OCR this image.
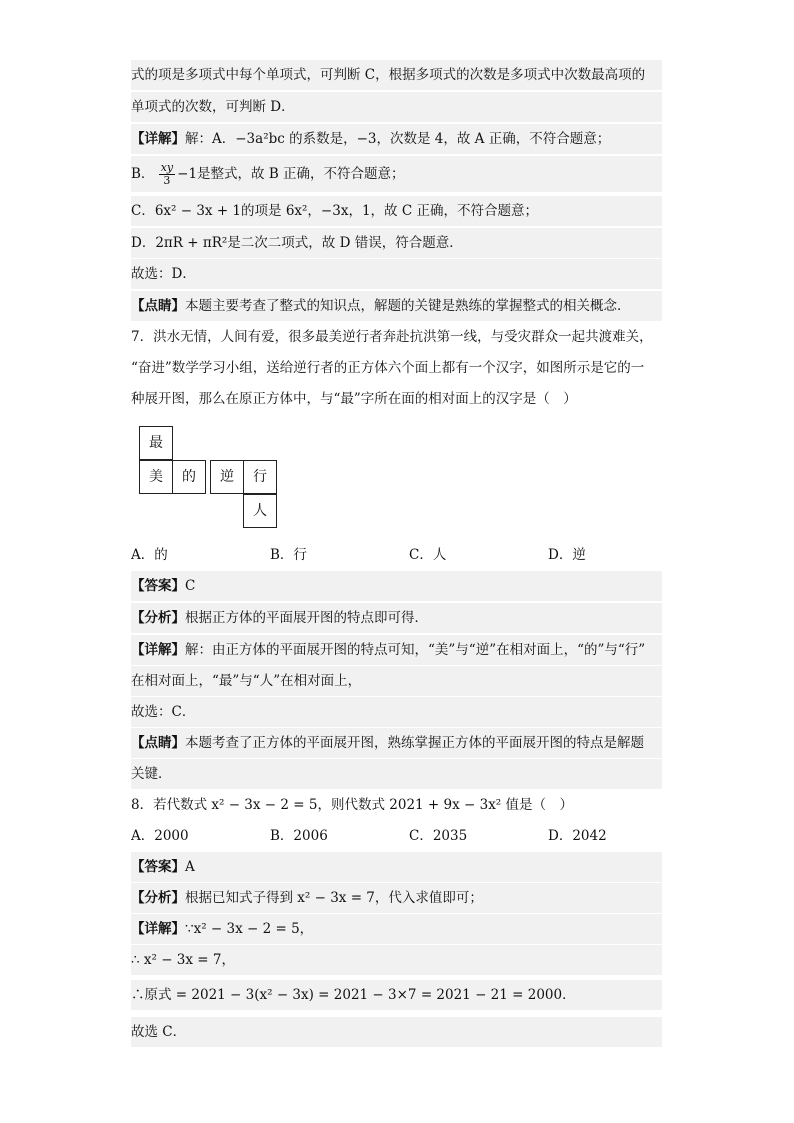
式的项是多项式中每个单项式，可判断 C，根据多项式的次数是多项式中次数最高项的
单项式的次数，可判断 D．
【详解】解：A．−3a²bc 的系数是，−3，次数是 4，故 A 正确，不符合题意；
B． $\frac{xy}{3} -1$是整式，故 B 正确，不符合题意；
C．6x² − 3x + 1的项是 6x²，−3x，1，故 C 正确，不符合题意；
D．2πR + πR²是二次二项式，故 D 错误，符合题意．
故选：D．
【点睛】本题主要考查了整式的知识点，解题的关键是熟练的掌握整式的相关概念．
7．洪水无情，人间有爱，很多最美逆行者奔赴抗洪第一线，与受灾群众一起共渡难关，
“奋进”数学学习小组，送给逆行者的正方体六个面上都有一个汉字，如图所示是它的一
种展开图，那么在原正方体中，与“最”字所在面的相对面上的汉字是（　）
最
美	的	逆	行
人
A．的	B．行	C．人	D．逆
【答案】C
【分析】根据正方体的平面展开图的特点即可得．
【详解】解：由正方体的平面展开图的特点可知，“美”与“逆”在相对面上，“的”与“行”
在相对面上，“最”与“人”在相对面上，
故选：C．
【点睛】本题考查了正方体的平面展开图，熟练掌握正方体的平面展开图的特点是解题
关键．
8．若代数式 x² − 3x − 2 = 5，则代数式 2021 + 9x − 3x² 值是（　）
A．2000	B．2006	C．2035	D．2042
【答案】A
【分析】根据已知式子得到 x² − 3x = 7，代入求值即可；
【详解】∵x² − 3x − 2 = 5，
∴ x² − 3x = 7，
∴原式 = 2021 − 3(x² − 3x) = 2021 − 3×7 = 2021 − 21 = 2000．
故选 C．
